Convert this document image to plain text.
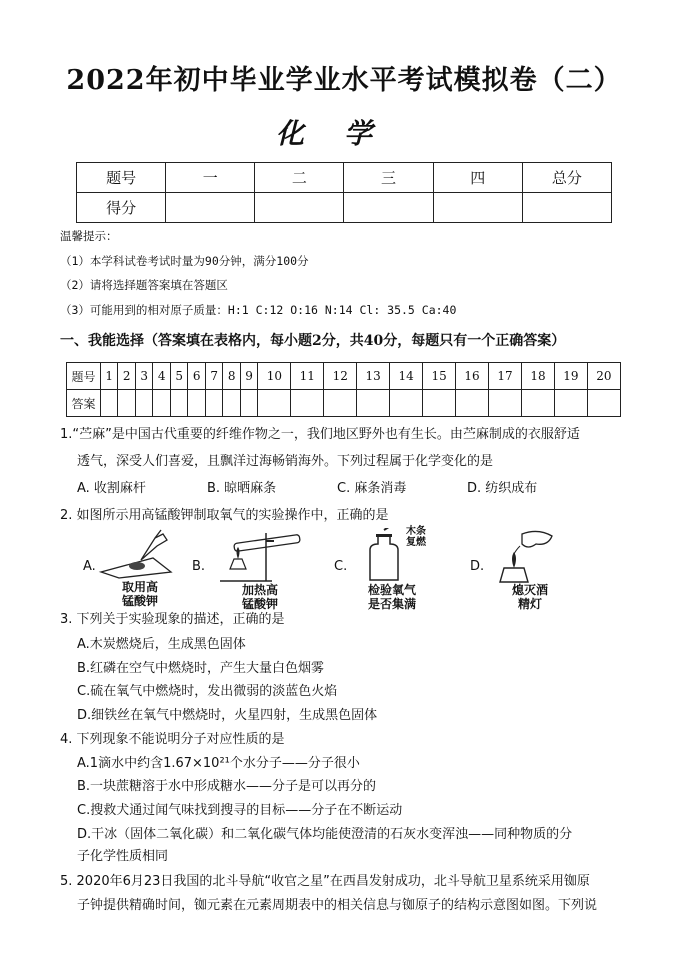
2022年初中毕业学业水平考试模拟卷（二）
化学
题号	一	二	三	四	总分
得分					
温馨提示：
（1）本学科试卷考试时量为90分钟，满分100分
（2）请将选择题答案填在答题区
（3）可能用到的相对原子质量：H:1 C:12 O:16 N:14 Cl: 35.5 Ca:40
一、我能选择（答案填在表格内，每小题2分，共40分，每题只有一个正确答案）
题号	1	2	3	4	5	6	7	8	9	10	11	12	13	14	15	16	17	18	19	20
答案																				
1.“苎麻”是中国古代重要的纤维作物之一，我们地区野外也有生长。由苎麻制成的衣服舒适
透气，深受人们喜爱，且飘洋过海畅销海外。下列过程属于化学变化的是
A. 收割麻杆	B. 晾晒麻条	C. 麻条消毒	D. 纺织成布
2. 如图所示用高锰酸钾制取氧气的实验操作中，正确的是
A.
取用高
锰酸钾
B.
加热高
锰酸钾
C.
木条
复燃
检验氧气
是否集满
D.
熄灭酒
精灯
3. 下列关于实验现象的描述，正确的是
A.木炭燃烧后，生成黑色固体
B.红磷在空气中燃烧时，产生大量白色烟雾
C.硫在氧气中燃烧时，发出微弱的淡蓝色火焰
D.细铁丝在氧气中燃烧时，火星四射，生成黑色固体
4. 下列现象不能说明分子对应性质的是
A.1滴水中约含1.67×10²¹个水分子——分子很小
B.一块蔗糖溶于水中形成糖水——分子是可以再分的
C.搜救犬通过闻气味找到搜寻的目标——分子在不断运动
D.干冰（固体二氧化碳）和二氧化碳气体均能使澄清的石灰水变浑浊——同种物质的分
子化学性质相同
5. 2020年6月23日我国的北斗导航“收官之星”在西昌发射成功，北斗导航卫星系统采用铷原
子钟提供精确时间，铷元素在元素周期表中的相关信息与铷原子的结构示意图如图。下列说
